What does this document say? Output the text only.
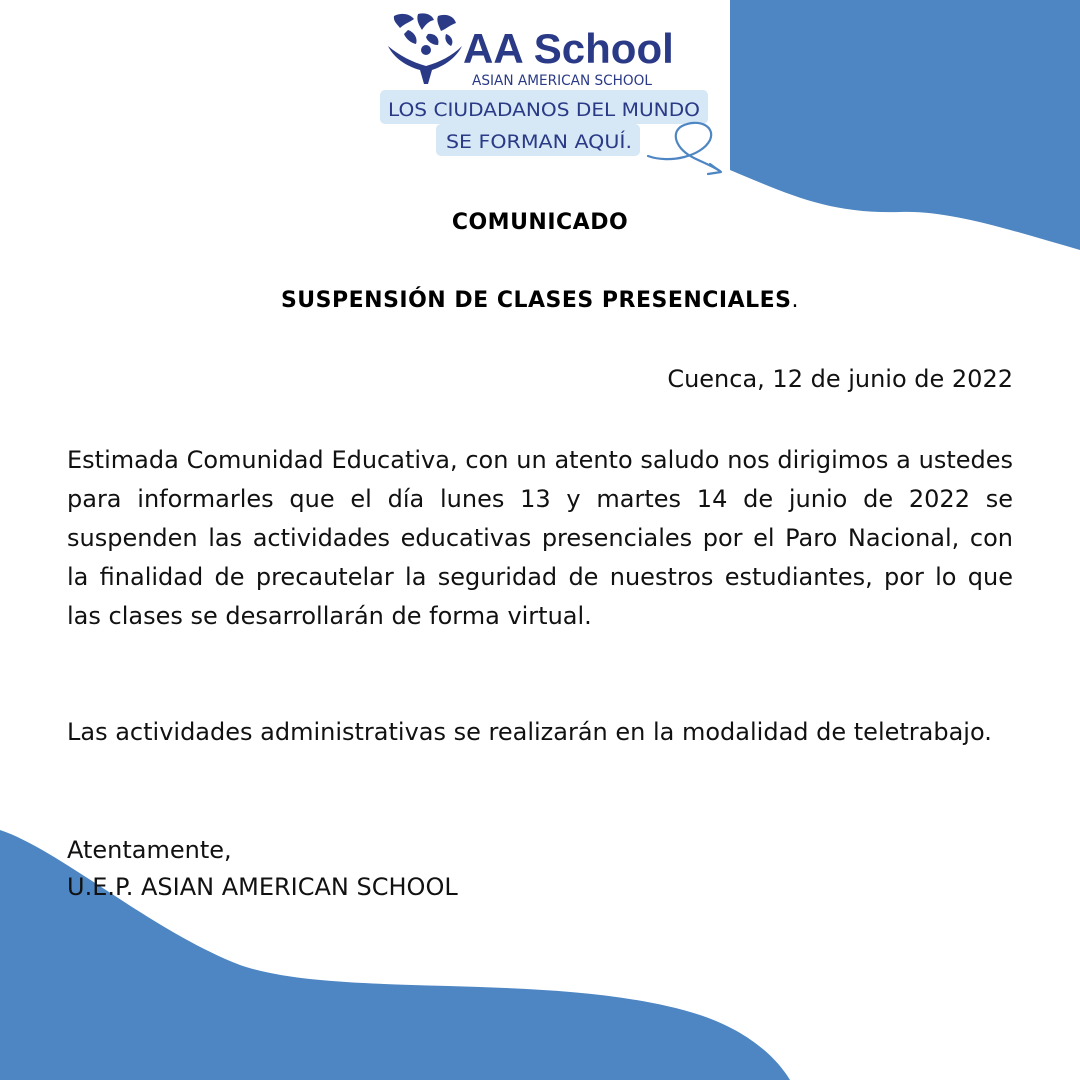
AA School
ASIAN AMERICAN SCHOOL
LOS CIUDADANOS DEL MUNDO
SE FORMAN AQUÍ.
COMUNICADO
SUSPENSIÓN DE CLASES PRESENCIALES.
Cuenca, 12 de junio de 2022

Estimada Comunidad Educativa, con un atento saludo nos dirigimos a ustedes para informarles que el día lunes 13 y martes 14 de junio de 2022 se suspenden las actividades educativas presenciales por el Paro Nacional, con la finalidad de precautelar la seguridad de nuestros estudiantes, por lo que las clases se desarrollarán de forma virtual.

Las actividades administrativas se realizarán en la modalidad de teletrabajo.

Atentamente,
U.E.P. ASIAN AMERICAN SCHOOL
